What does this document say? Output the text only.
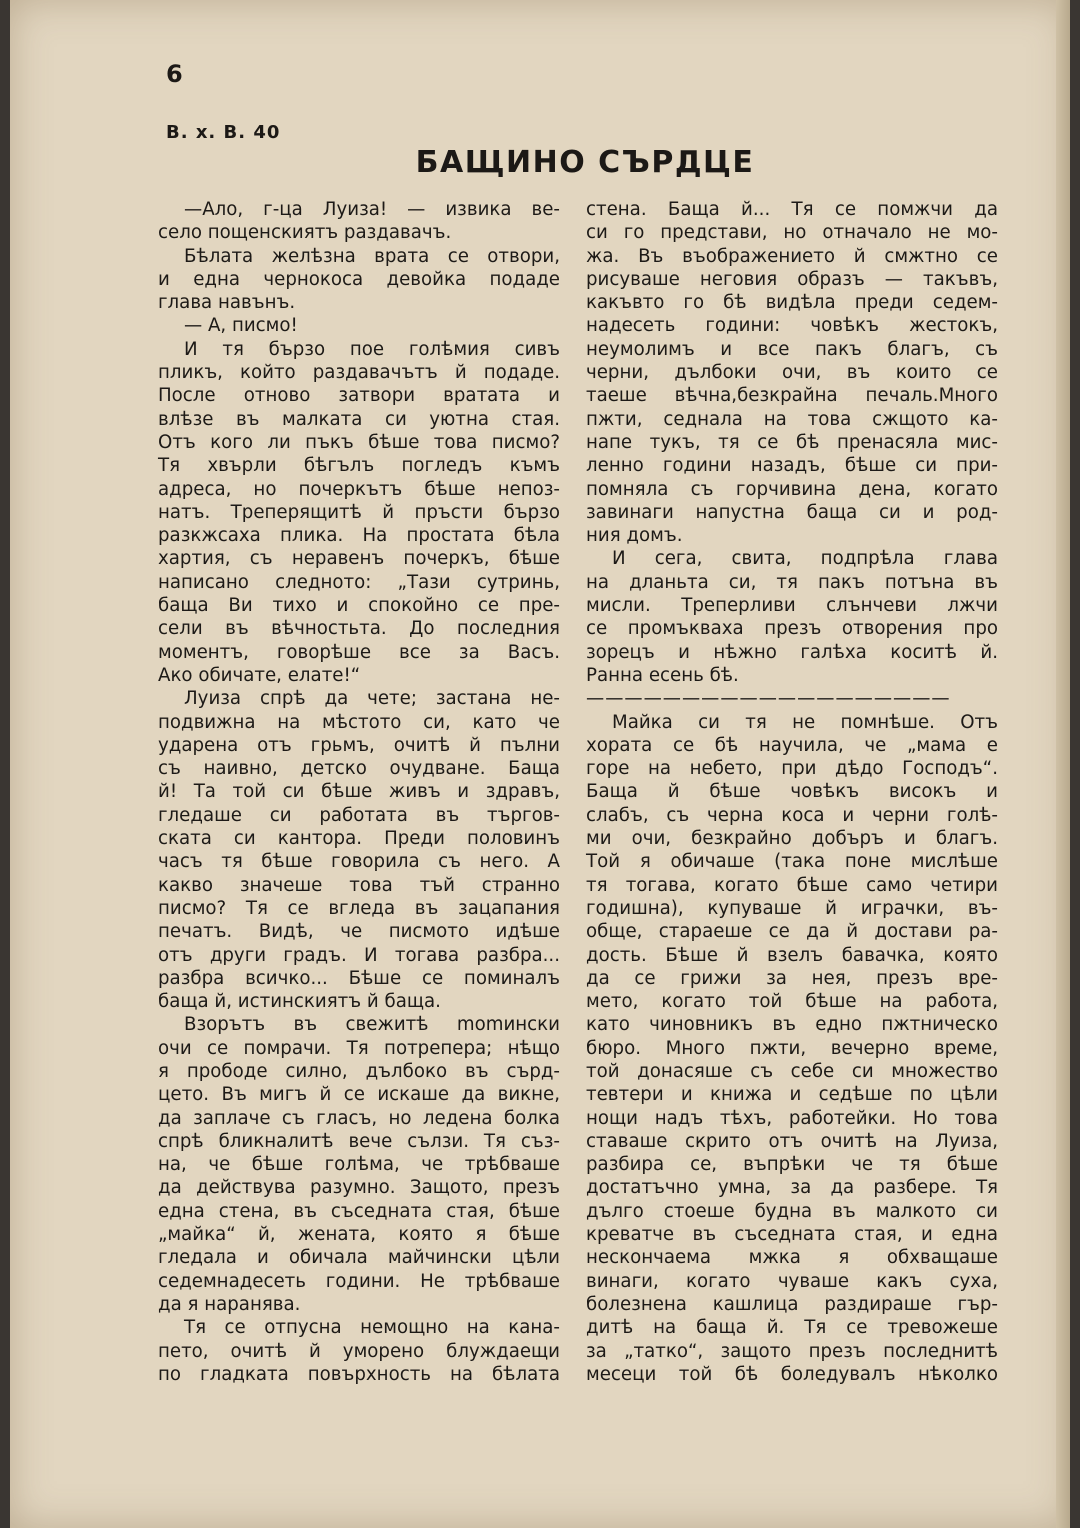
6
В. х. В. 40
БАЩИНО СЪРДЦЕ
—Ало, г-ца Луиза! — извика ве-
село пощенскиятъ раздавачъ.
Бѣлата желѣзна врата се отвори,
и една чернокоса девойка подаде
глава навънъ.
— А, писмо!
И тя бързо пое голѣмия сивъ
пликъ, който раздавачътъ й подаде.
После отново затвори вратата и
влѣзе въ малката си уютна стая.
Отъ кого ли пъкъ бѣше това писмо?
Тя хвърли бѣгълъ погледъ къмъ
адреса, но почеркътъ бѣше непоз-
натъ. Треперящитѣ й пръсти бързо
разкжсаха плика. На простата бѣла
хартия, съ неравенъ почеркъ, бѣше
написано следното: „Тази сутринь,
баща Ви тихо и спокойно се пре-
сели въ вѣчностьта. До последния
моментъ, говорѣше все за Васъ.
Ако обичате, елате!“
Луиза спрѣ да чете; застана не-
подвижна на мѣстото си, като че
ударена отъ грьмъ, очитѣ й пълни
съ наивно, детско очудване. Баща
й! Та той си бѣше живъ и здравъ,
гледаше си работата въ търгов-
ската си кантора. Преди половинъ
часъ тя бѣше говорила съ него. А
какво значеше това тъй странно
писмо? Тя се вгледа въ зацапания
печатъ. Видѣ, че писмото идѣше
отъ други градъ. И тогава разбра...
разбра всичко... Бѣше се поминалъ
баща й, истинскиятъ й баща.
Взорътъ въ свежитѣ momински
очи се помрачи. Тя потрепера; нѣщо
я прободе силно, дълбоко въ сърд-
цето. Въ мигъ й се искаше да викне,
да заплаче съ гласъ, но ледена болка
спрѣ бликналитѣ вече сълзи. Тя съз-
на, че бѣше голѣма, че трѣбваше
да действува разумно. Защото, презъ
една стена, въ съседната стая, бѣше
„майка“ й, жената, която я бѣше
гледала и обичала майчински цѣли
седемнадесеть години. Не трѣбваше
да я наранява.
Тя се отпусна немощно на кана-
пето, очитѣ й уморено блуждаещи
по гладката повърхность на бѣлата
стена. Баща й... Тя се помжчи да
си го представи, но отначало не мо-
жа. Въ въображението й смжтно се
рисуваше неговия образъ — такъвъ,
какъвто го бѣ видѣла преди седем-
надесеть години: човѣкъ жестокъ,
неумолимъ и все пакъ благъ, съ
черни, дълбоки очи, въ които се
таеше вѣчна,безкрайна печаль.Много
пжти, седнала на това сжщото ка-
напе тукъ, тя се бѣ пренасяла мис-
ленно години назадъ, бѣше си при-
помняла съ горчивина дена, когато
завинаги напустна баща си и род-
ния домъ.
И сега, свита, подпрѣла глава
на дланьта си, тя пакъ потъна въ
мисли. Треперливи слънчеви лжчи
се промъкваха презъ отворения про
зорецъ и нѣжно галѣха коситѣ й.
Ранна есень бѣ.
———————————————————
Майка си тя не помнѣше. Отъ
хората се бѣ научила, че „мама е
горе на небето, при дѣдо Господъ“.
Баща й бѣше човѣкъ високъ и
слабъ, съ черна коса и черни голѣ-
ми очи, безкрайно добъръ и благъ.
Той я обичаше (така поне мислѣше
тя тогава, когато бѣше само четири
годишна), купуваше й играчки, въ-
обще, стараеше се да й достави ра-
дость. Бѣше й взелъ бавачка, която
да се грижи за нея, презъ вре-
мето, когато той бѣше на работа,
като чиновникъ въ едно пжтническо
бюро. Много пжти, вечерно време,
той донасяше съ себе си множество
тевтери и книжа и седѣше по цѣли
нощи надъ тѣхъ, работейки. Но това
ставаше скрито отъ очитѣ на Луиза,
разбира се, въпрѣки че тя бѣше
достатъчно умна, за да разбере. Тя
дълго стоеше будна въ малкото си
креватче въ съседната стая, и една
нескончаема мжка я обхващаше
винаги, когато чуваше какъ суха,
болезнена кашлица раздираше гър-
дитѣ на баща й. Тя се тревожеше
за „татко“, защото презъ последнитѣ
месеци той бѣ боледувалъ нѣколко
